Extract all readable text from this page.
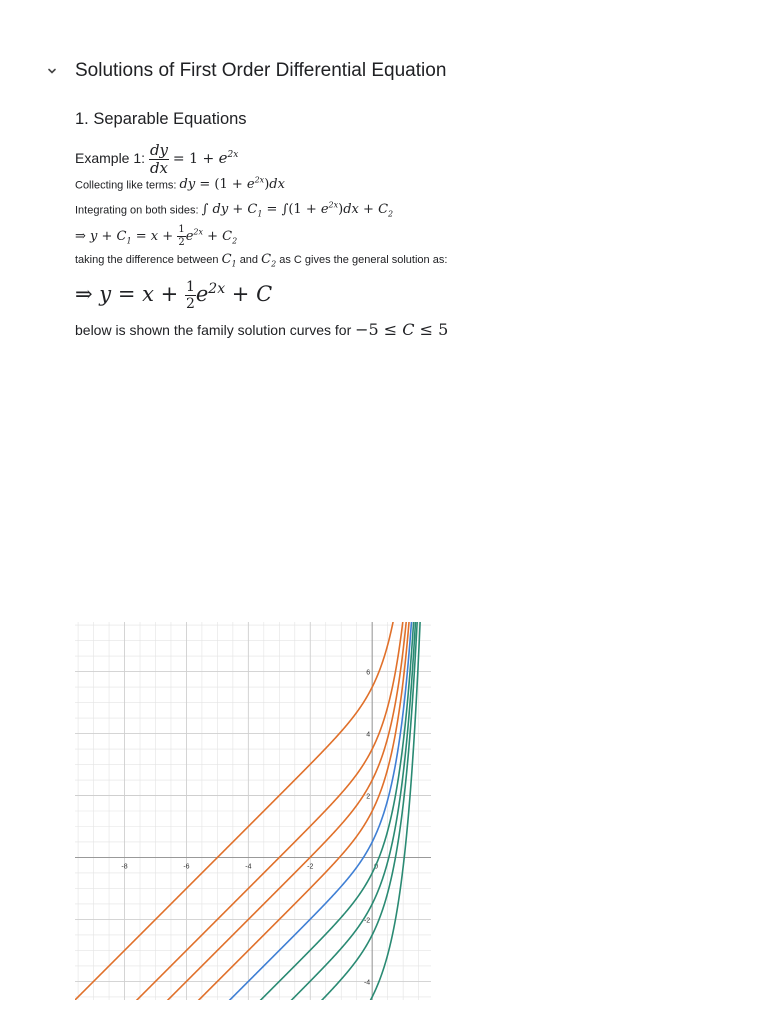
Solutions of First Order Differential Equation
1. Separable Equations
Example 1: $\frac{dy}{dx} = 1 + e^{2x}$
Collecting like terms: dy = $(1 + e^{2x})dx$
Integrating on both sides: ∫ dy + $C_1 = \int(1 + e^{2x})dx + C_2$
⇒ $y + C_1 = x + \frac{1}{2} e^{2x} + C_2$
taking the difference between $C_1$ and $C_2$ as C gives the general solution as:
⇒ $y = x + \frac{1}{2} e^{2x} + C$
below is shown the family solution curves for −5 ≤ C ≤ 5
-8	-6	-4	-2	0
6
4
2
-2
-4
